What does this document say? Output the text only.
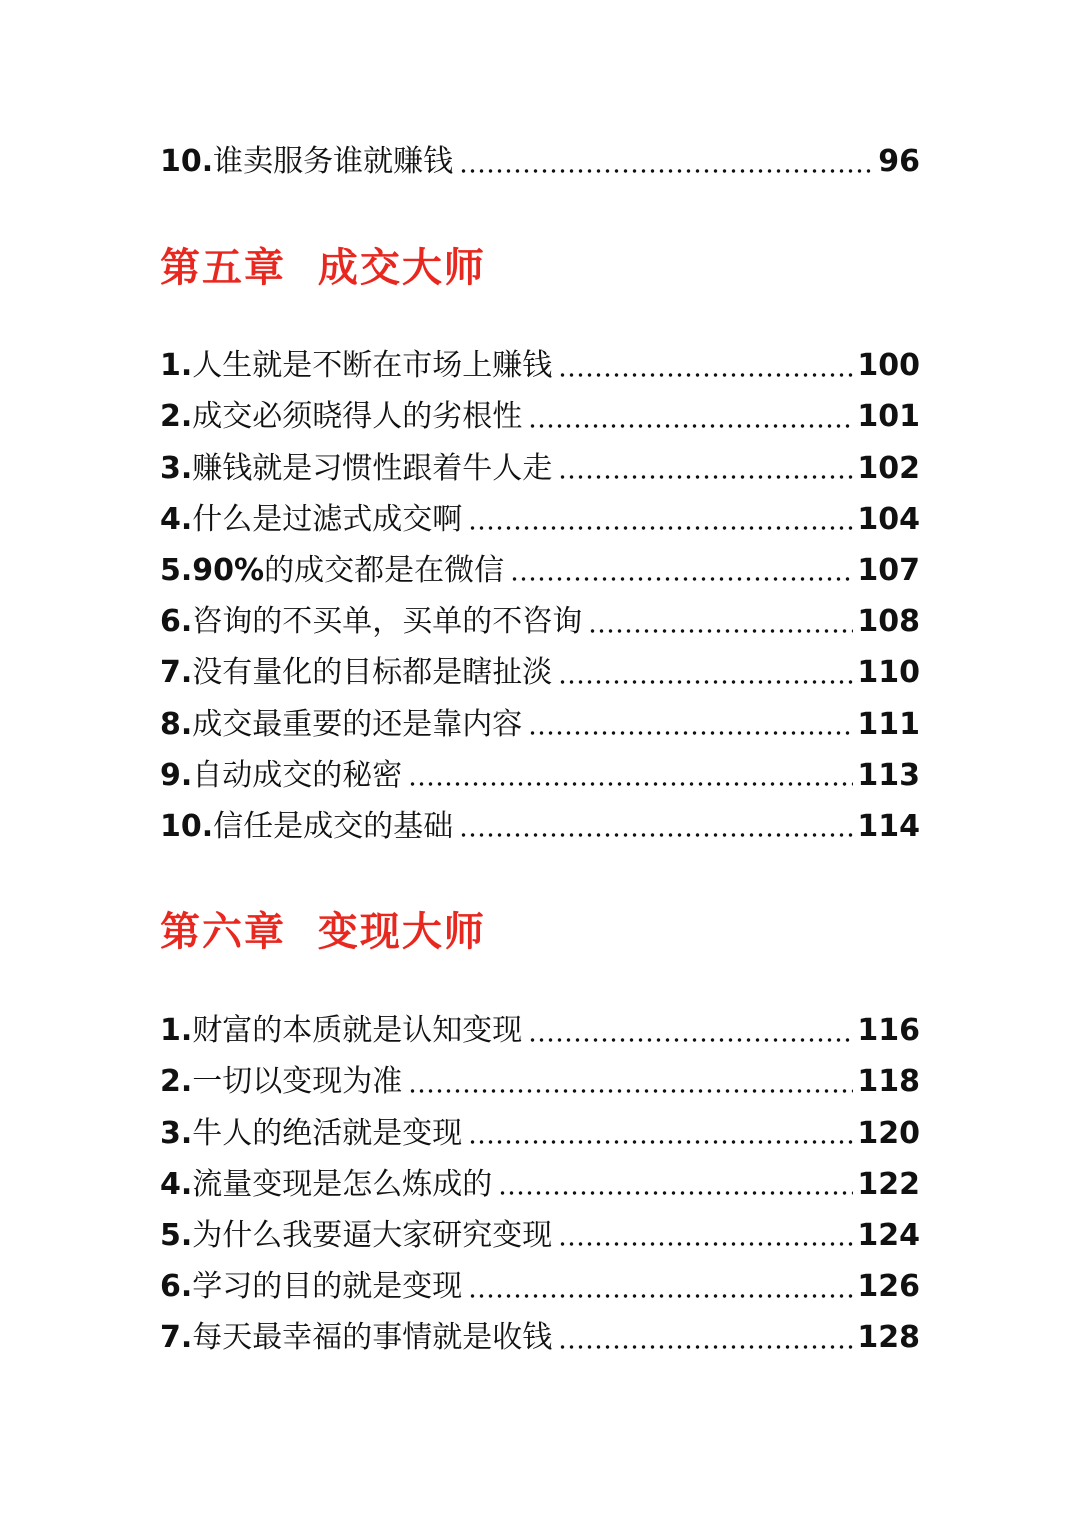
10. 谁卖服务谁就赚钱	96
第五章  成交大师
1. 人生就是不断在市场上赚钱	100
2. 成交必须晓得人的劣根性	101
3. 赚钱就是习惯性跟着牛人走	102
4. 什么是过滤式成交啊	104
5.90% 的成交都是在微信	107
6. 咨询的不买单，买单的不咨询	108
7. 没有量化的目标都是瞎扯淡	110
8. 成交最重要的还是靠内容	111
9. 自动成交的秘密	113
10. 信任是成交的基础	114
第六章  变现大师
1. 财富的本质就是认知变现	116
2. 一切以变现为准	118
3. 牛人的绝活就是变现	120
4. 流量变现是怎么炼成的	122
5. 为什么我要逼大家研究变现	124
6. 学习的目的就是变现	126
7. 每天最幸福的事情就是收钱	128
